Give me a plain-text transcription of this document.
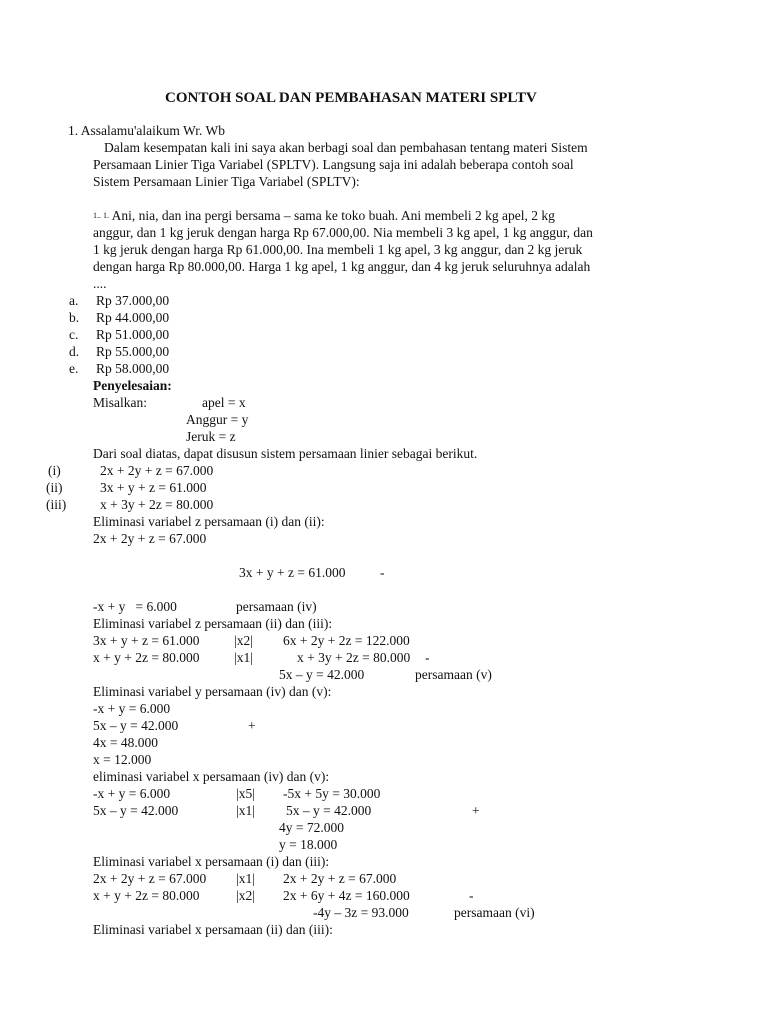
CONTOH SOAL DAN PEMBAHASAN MATERI SPLTV
1. Assalamu'alaikum Wr. Wb
Dalam kesempatan kali ini saya akan berbagi soal dan pembahasan tentang materi Sistem
Persamaan Linier Tiga Variabel (SPLTV). Langsung saja ini adalah beberapa contoh soal
Sistem Persamaan Linier Tiga Variabel (SPLTV):
1.. 1. Ani, nia, dan ina pergi bersama – sama ke toko buah. Ani membeli 2 kg apel, 2 kg
anggur, dan 1 kg jeruk dengan harga Rp 67.000,00. Nia membeli 3 kg apel, 1 kg anggur, dan
1 kg jeruk dengan harga Rp 61.000,00. Ina membeli 1 kg apel, 3 kg anggur, dan 2 kg jeruk
dengan harga Rp 80.000,00. Harga 1 kg apel, 1 kg anggur, dan 4 kg jeruk seluruhnya adalah
....
a. Rp 37.000,00
b. Rp 44.000,00
c. Rp 51.000,00
d. Rp 55.000,00
e. Rp 58.000,00
Penyelesaian:
Misalkan:	apel = x
Anggur = y
Jeruk = z
Dari soal diatas, dapat disusun sistem persamaan linier sebagai berikut.
(i)	2x + 2y + z = 67.000
(ii)	3x + y + z = 61.000
(iii)	x + 3y + 2z = 80.000
Eliminasi variabel z persamaan (i) dan (ii):
2x + 2y + z = 67.000
3x + y + z = 61.000	-
-x + y   = 6.000	persamaan (iv)
Eliminasi variabel z persamaan (ii) dan (iii):
3x + y + z = 61.000	|x2| 6x + 2y + 2z = 122.000
x + y + 2z = 80.000	|x1|	x + 3y + 2z = 80.000 -
5x – y = 42.000	persamaan (v)
Eliminasi variabel y persamaan (iv) dan (v):
-x + y = 6.000
5x – y = 42.000	+
4x = 48.000
x = 12.000
eliminasi variabel x persamaan (iv) dan (v):
-x + y = 6.000	|x5| -5x + 5y = 30.000
5x – y = 42.000	|x1| 5x – y = 42.000	+
4y = 72.000
y = 18.000
Eliminasi variabel x persamaan (i) dan (iii):
2x + 2y + z = 67.000 |x1| 2x + 2y + z = 67.000
x + y + 2z = 80.000	|x2| 2x + 6y + 4z = 160.000	-
-4y – 3z = 93.000	persamaan (vi)
Eliminasi variabel x persamaan (ii) dan (iii):
